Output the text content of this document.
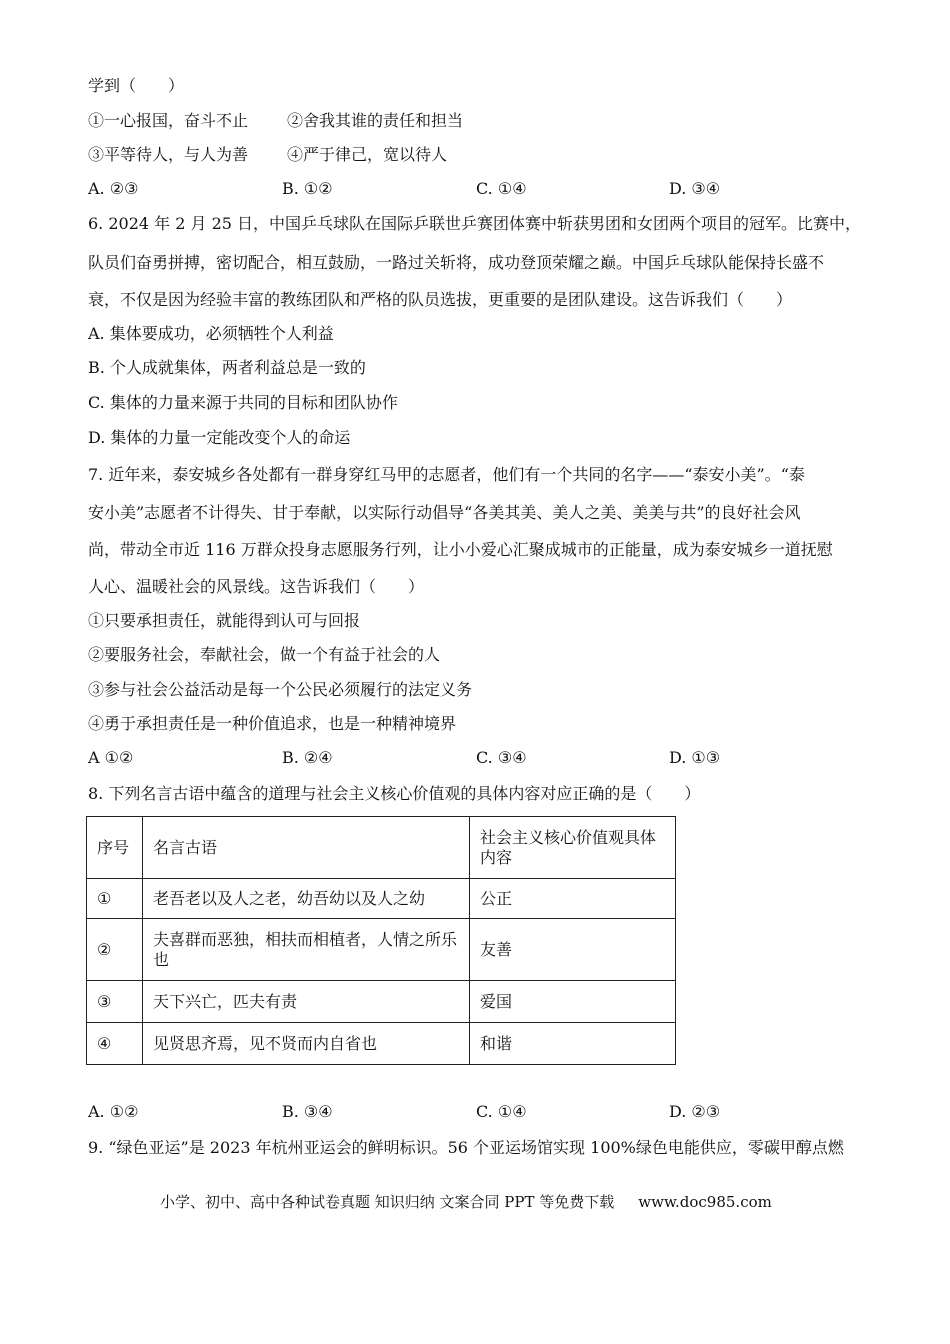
学到（　　）
①一心报国，奋斗不止 ②舍我其谁的责任和担当
③平等待人，与人为善 ④严于律己，宽以待人
A. ②③	B. ①②	C. ①④	D. ③④
6. 2024 年 2 月 25 日，中国乒乓球队在国际乒联世乒赛团体赛中斩获男团和女团两个项目的冠军。比赛中，
队员们奋勇拼搏，密切配合，相互鼓励，一路过关斩将，成功登顶荣耀之巅。中国乒乓球队能保持长盛不
衰，不仅是因为经验丰富的教练团队和严格的队员选拔，更重要的是团队建设。这告诉我们（　　）
A. 集体要成功，必须牺牲个人利益
B. 个人成就集体，两者利益总是一致的
C. 集体的力量来源于共同的目标和团队协作
D. 集体的力量一定能改变个人的命运
7. 近年来，泰安城乡各处都有一群身穿红马甲的志愿者，他们有一个共同的名字——“泰安小美”。“泰
安小美”志愿者不计得失、甘于奉献，以实际行动倡导“各美其美、美人之美、美美与共”的良好社会风
尚，带动全市近 116 万群众投身志愿服务行列，让小小爱心汇聚成城市的正能量，成为泰安城乡一道抚慰
人心、温暖社会的风景线。这告诉我们（　　）
①只要承担责任，就能得到认可与回报
②要服务社会，奉献社会，做一个有益于社会的人
③参与社会公益活动是每一个公民必须履行的法定义务
④勇于承担责任是一种价值追求，也是一种精神境界
A ①②	B. ②④	C. ③④	D. ①③
8. 下列名言古语中蕴含的道理与社会主义核心价值观的具体内容对应正确的是（　　）
序号	名言古语	社会主义核心价值观具体内容
①	老吾老以及人之老，幼吾幼以及人之幼	公正
②	夫喜群而恶独，相扶而相植者，人情之所乐也	友善
③	天下兴亡，匹夫有责	爱国
④	见贤思齐焉，见不贤而内自省也	和谐
A. ①②	B. ③④	C. ①④	D. ②③
9. “绿色亚运”是 2023 年杭州亚运会的鲜明标识。56 个亚运场馆实现 100%绿色电能供应，零碳甲醇点燃
小学、初中、高中各种试卷真题 知识归纳 文案合同 PPT 等免费下载 www.doc985.com
